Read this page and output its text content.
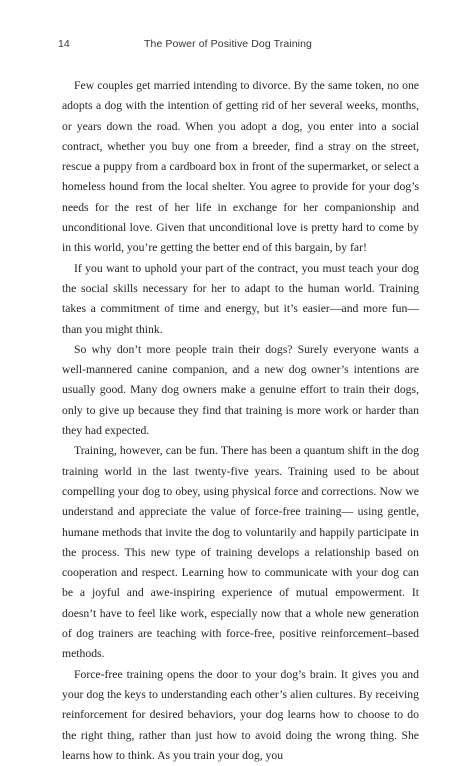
14	The Power of Positive Dog Training

Few couples get married intending to divorce. By the same token, no one adopts a dog with the intention of getting rid of her several weeks, months, or years down the road. When you adopt a dog, you enter into a social contract, whether you buy one from a breeder, find a stray on the street, rescue a puppy from a cardboard box in front of the supermarket, or select a homeless hound from the local shelter. You agree to provide for your dog’s needs for the rest of her life in exchange for her companionship and unconditional love. Given that unconditional love is pretty hard to come by in this world, you’re getting the better end of this bargain, by far!

If you want to uphold your part of the contract, you must teach your dog the social skills necessary for her to adapt to the human world. Training takes a commitment of time and energy, but it’s easier—and more fun—than you might think.

So why don’t more people train their dogs? Surely everyone wants a well-mannered canine companion, and a new dog owner’s intentions are usually good. Many dog owners make a genuine effort to train their dogs, only to give up because they find that training is more work or harder than they had expected.

Training, however, can be fun. There has been a quantum shift in the dog training world in the last twenty-five years. Training used to be about compelling your dog to obey, using physical force and corrections. Now we understand and appreciate the value of force-free training— using gentle, humane methods that invite the dog to voluntarily and happily participate in the process. This new type of training develops a relationship based on cooperation and respect. Learning how to communicate with your dog can be a joyful and awe-inspiring experience of mutual empowerment. It doesn’t have to feel like work, especially now that a whole new generation of dog trainers are teaching with force-free, positive reinforcement–based methods.

Force-free training opens the door to your dog’s brain. It gives you and your dog the keys to understanding each other’s alien cultures. By receiving reinforcement for desired behaviors, your dog learns how to choose to do the right thing, rather than just how to avoid doing the wrong thing. She learns how to think. As you train your dog, you
